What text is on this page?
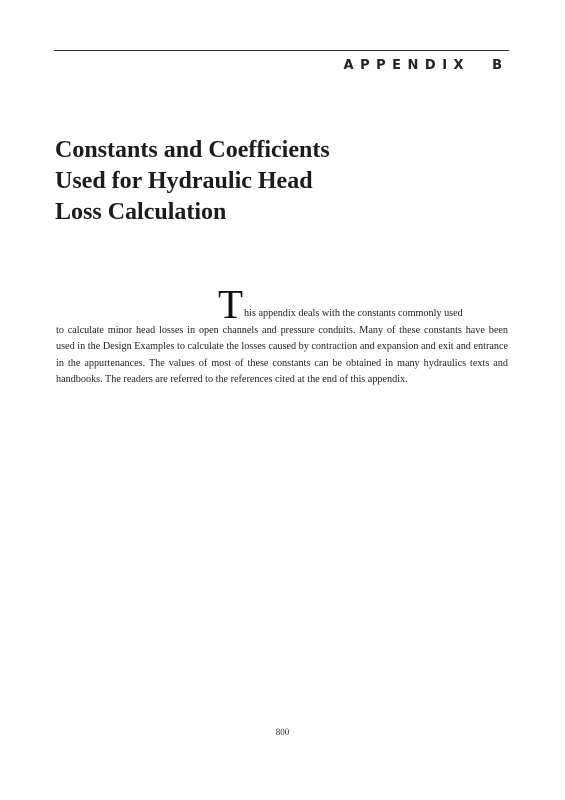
APPENDIX B
Constants and Coefficients
Used for Hydraulic Head
Loss Calculation
This appendix deals with the constants commonly used
to calculate minor head losses in open channels and pressure conduits. Many of these constants have been used in the Design Examples to calculate the losses caused by contraction and expansion and exit and entrance in the appurtenances. The values of most of these constants can be obtained in many hydraulics texts and handbooks. The readers are referred to the references cited at the end of this appendix.
800
